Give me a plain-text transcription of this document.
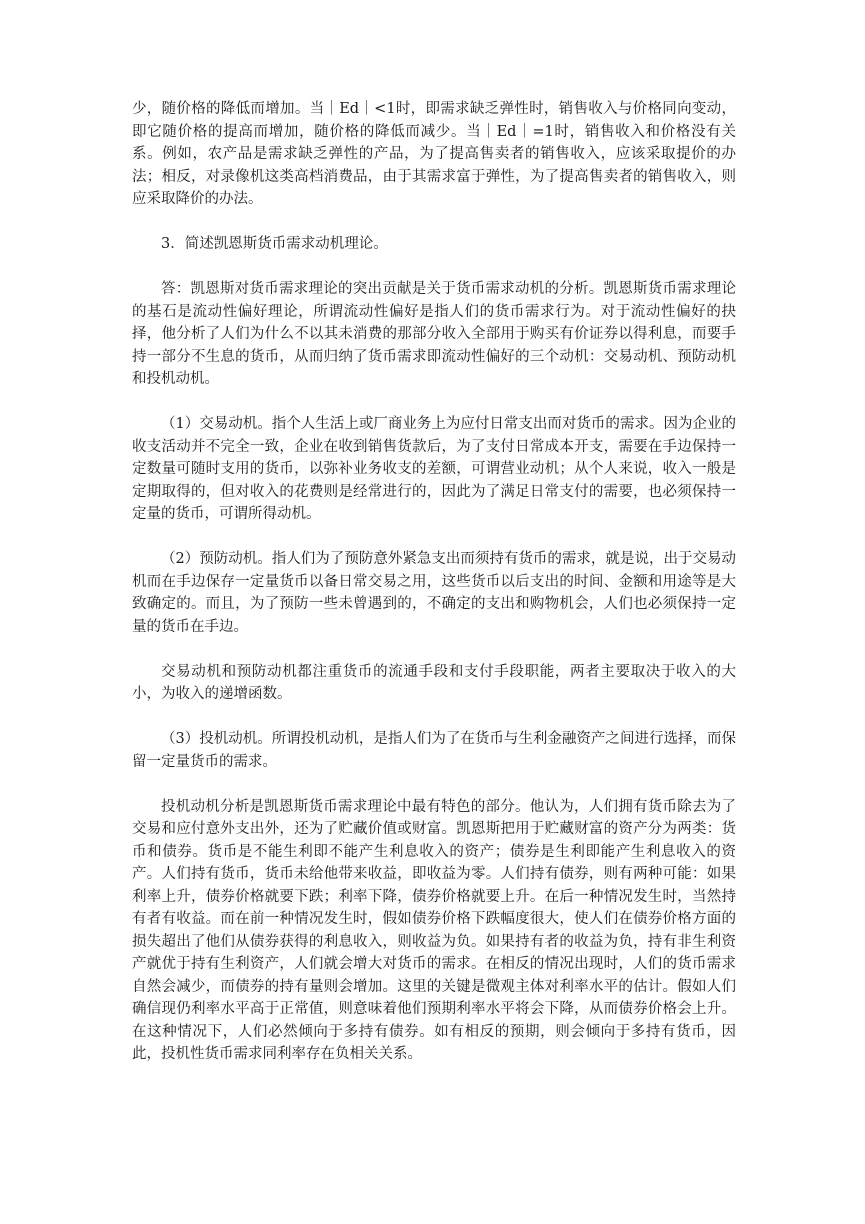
少，随价格的降低而增加。当｜Ed｜<1时，即需求缺乏弹性时，销售收入与价格同向变动，即它随价格的提高而增加，随价格的降低而减少。当｜Ed｜=1时，销售收入和价格没有关系。例如，农产品是需求缺乏弹性的产品，为了提高售卖者的销售收入，应该采取提价的办法；相反，对录像机这类高档消费品，由于其需求富于弹性，为了提高售卖者的销售收入，则应采取降价的办法。

3．简述凯恩斯货币需求动机理论。

答：凯恩斯对货币需求理论的突出贡献是关于货币需求动机的分析。凯恩斯货币需求理论的基石是流动性偏好理论，所谓流动性偏好是指人们的货币需求行为。对于流动性偏好的抉择，他分析了人们为什么不以其未消费的那部分收入全部用于购买有价证券以得利息，而要手持一部分不生息的货币，从而归纳了货币需求即流动性偏好的三个动机：交易动机、预防动机和投机动机。

（1）交易动机。指个人生活上或厂商业务上为应付日常支出而对货币的需求。因为企业的收支活动并不完全一致，企业在收到销售货款后，为了支付日常成本开支，需要在手边保持一定数量可随时支用的货币，以弥补业务收支的差额，可谓营业动机；从个人来说，收入一般是定期取得的，但对收入的花费则是经常进行的，因此为了满足日常支付的需要，也必须保持一定量的货币，可谓所得动机。

（2）预防动机。指人们为了预防意外紧急支出而须持有货币的需求，就是说，出于交易动机而在手边保存一定量货币以备日常交易之用，这些货币以后支出的时间、金额和用途等是大致确定的。而且，为了预防一些未曾遇到的，不确定的支出和购物机会，人们也必须保持一定量的货币在手边。

交易动机和预防动机都注重货币的流通手段和支付手段职能，两者主要取决于收入的大小，为收入的递增函数。

（3）投机动机。所谓投机动机，是指人们为了在货币与生利金融资产之间进行选择，而保留一定量货币的需求。

投机动机分析是凯恩斯货币需求理论中最有特色的部分。他认为，人们拥有货币除去为了交易和应付意外支出外，还为了贮藏价值或财富。凯恩斯把用于贮藏财富的资产分为两类：货币和债券。货币是不能生利即不能产生利息收入的资产；债券是生利即能产生利息收入的资产。人们持有货币，货币未给他带来收益，即收益为零。人们持有债券，则有两种可能：如果利率上升，债券价格就要下跌；利率下降，债券价格就要上升。在后一种情况发生时，当然持有者有收益。而在前一种情况发生时，假如债券价格下跌幅度很大，使人们在债券价格方面的损失超出了他们从债券获得的利息收入，则收益为负。如果持有者的收益为负，持有非生利资产就优于持有生利资产，人们就会增大对货币的需求。在相反的情况出现时，人们的货币需求自然会减少，而债券的持有量则会增加。这里的关键是微观主体对利率水平的估计。假如人们确信现仍利率水平高于正常值，则意味着他们预期利率水平将会下降，从而债券价格会上升。在这种情况下，人们必然倾向于多持有债券。如有相反的预期，则会倾向于多持有货币，因此，投机性货币需求同利率存在负相关关系。
